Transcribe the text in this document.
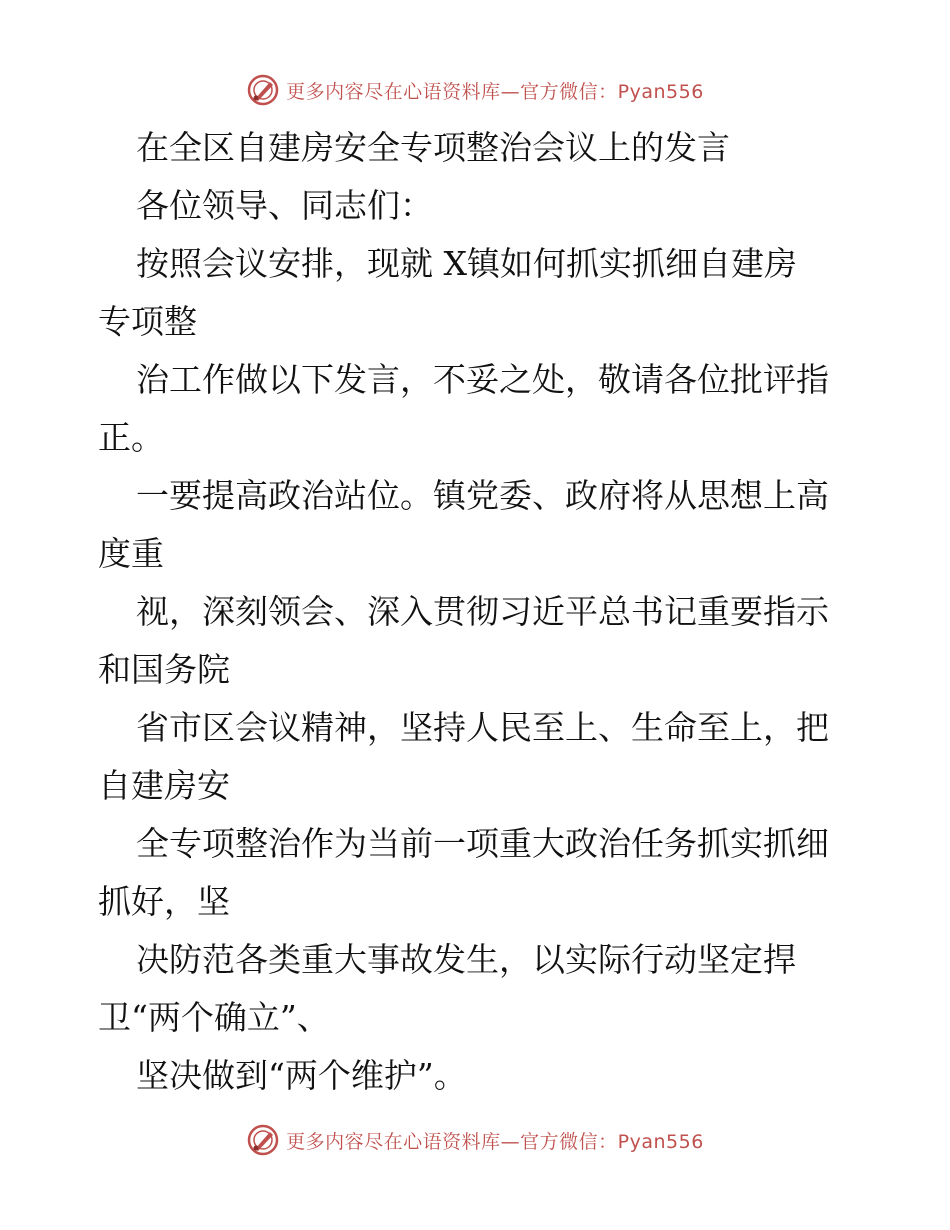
更多内容尽在心语资料库—官方微信：Pyan556
在全区自建房安全专项整治会议上的发言
各位领导、同志们：
按照会议安排，现就 X镇如何抓实抓细自建房
专项整
治工作做以下发言，不妥之处，敬请各位批评指
正。
一要提高政治站位。镇党委、政府将从思想上高
度重
视，深刻领会、深入贯彻习近平总书记重要指示
和国务院
省市区会议精神，坚持人民至上、生命至上，把
自建房安
全专项整治作为当前一项重大政治任务抓实抓细
抓好，坚
决防范各类重大事故发生，以实际行动坚定捍
卫“两个确立”、
坚决做到“两个维护”。
更多内容尽在心语资料库—官方微信：Pyan556
